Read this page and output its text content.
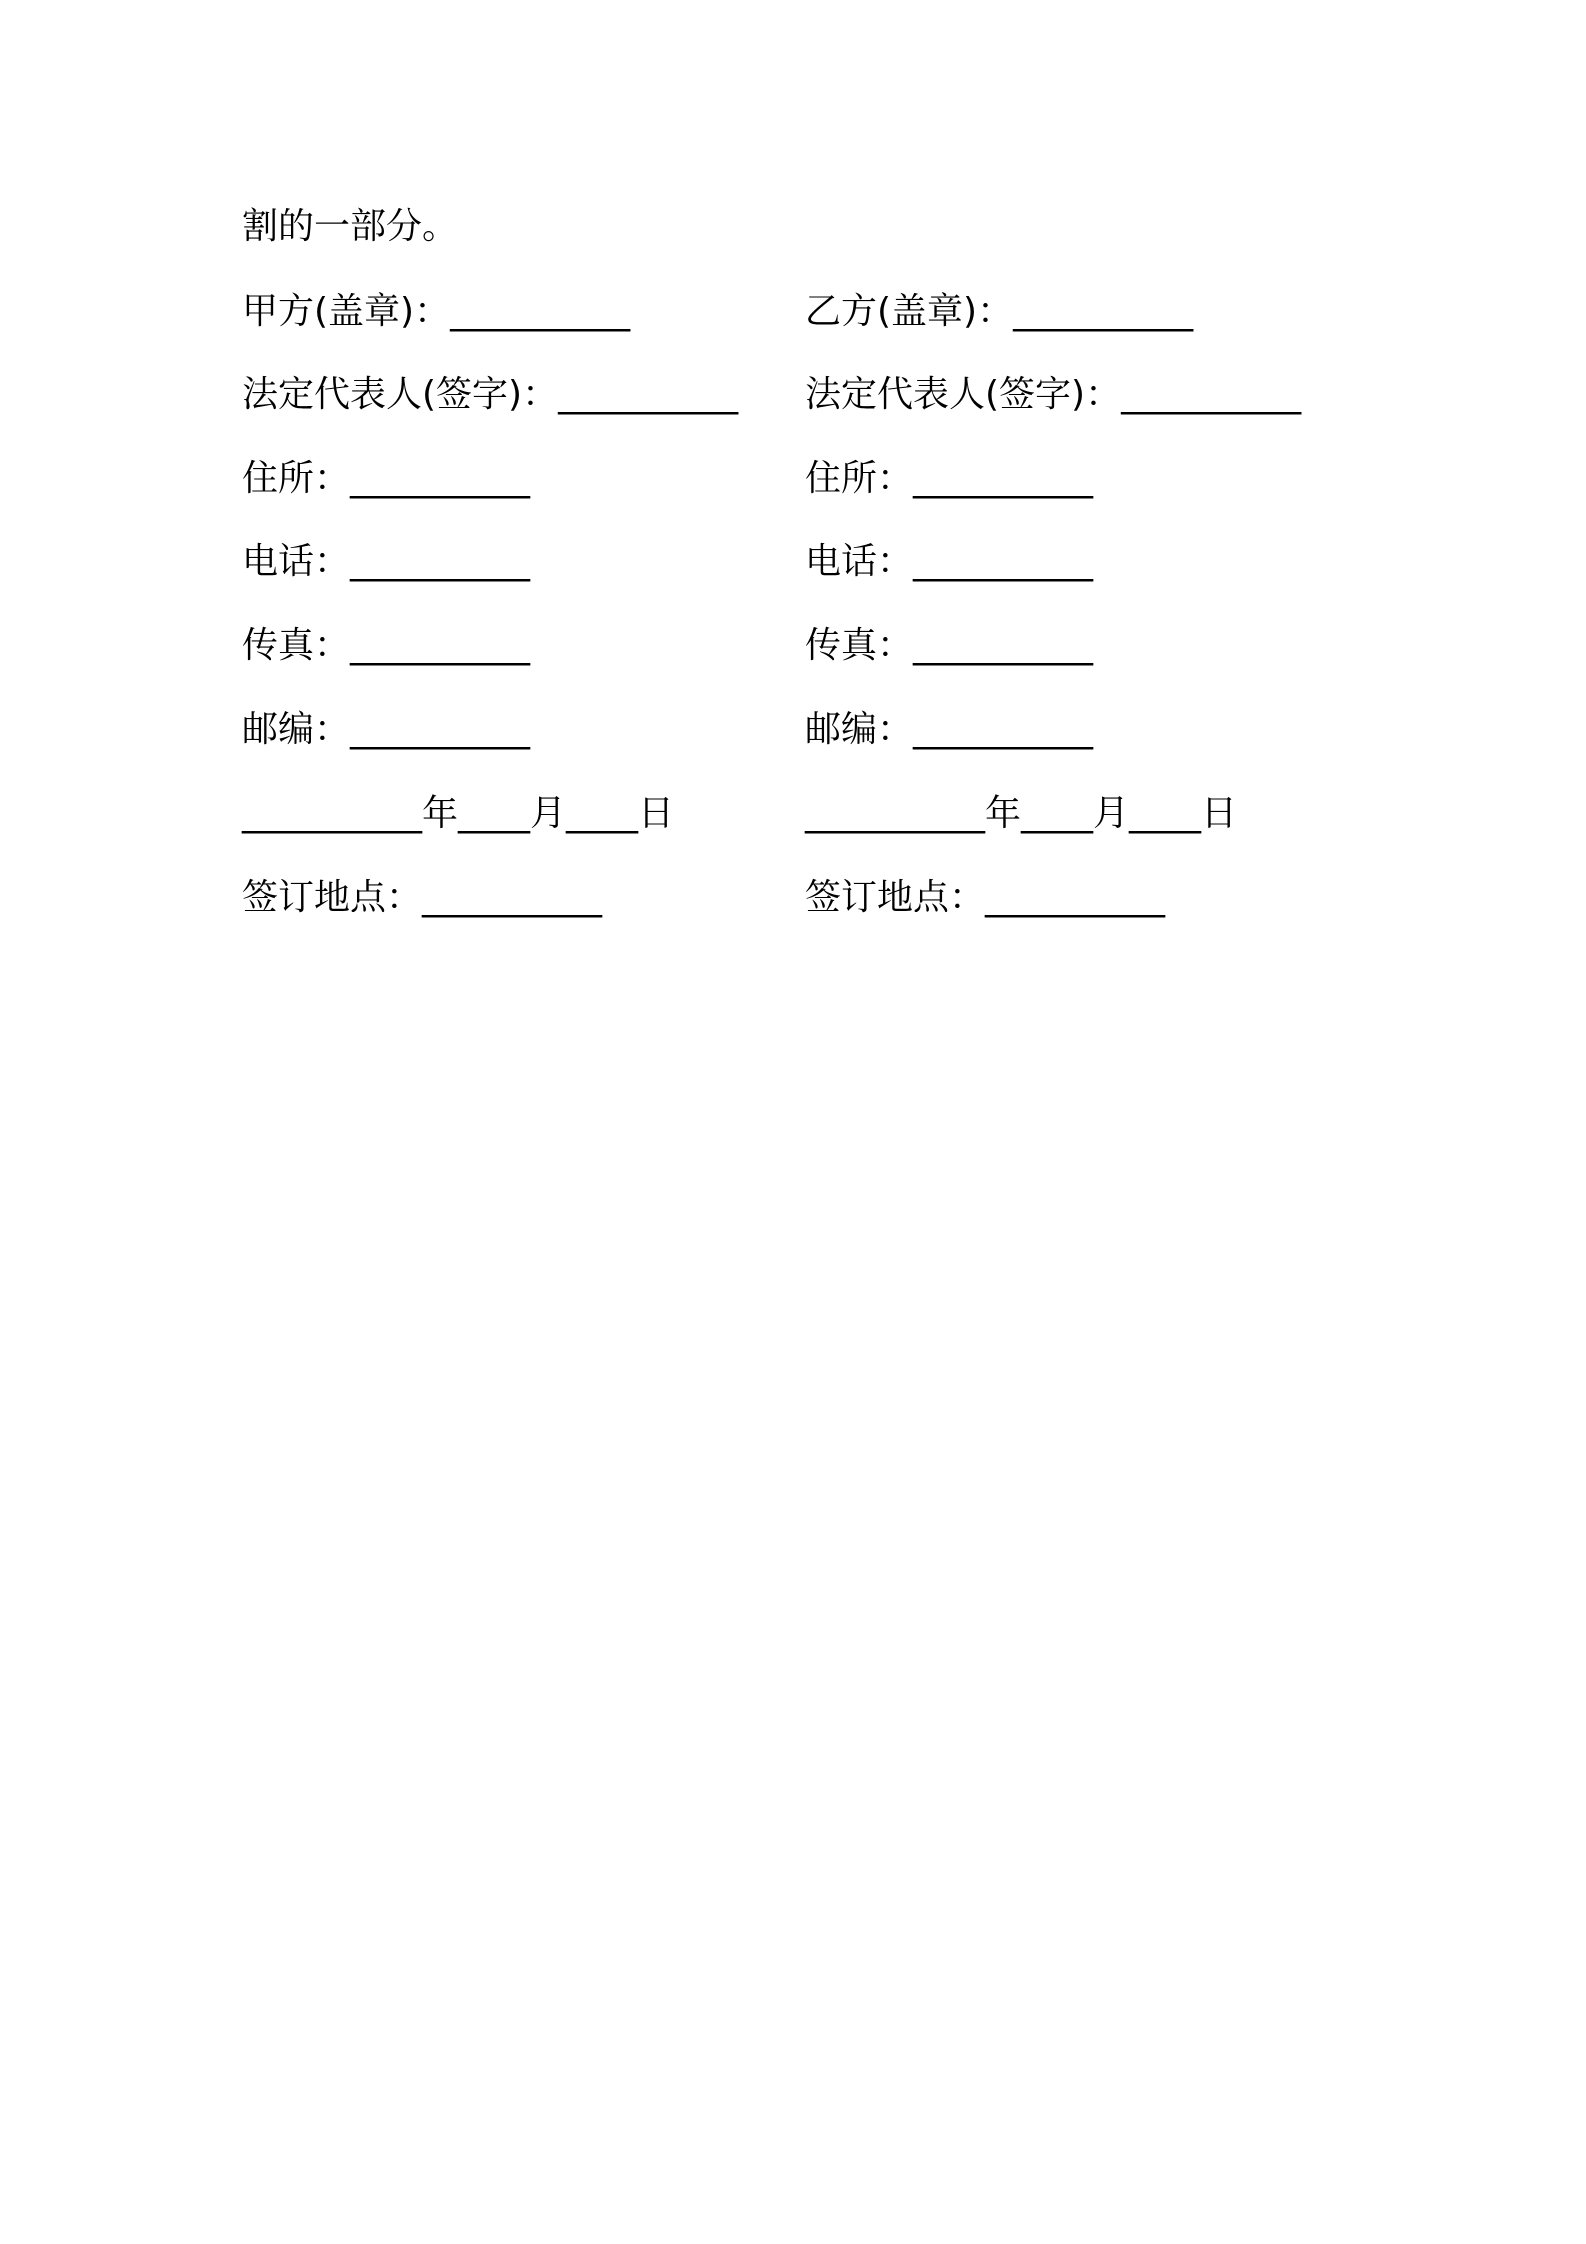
割的一部分。
甲方(盖章)：__________	乙方(盖章)：__________
法定代表人(签字)：__________ 法定代表人(签字)：__________
住所：__________	住所：__________
电话：__________	电话：__________
传真：__________	传真：__________
邮编：__________	邮编：__________
__________年____月____日	__________年____月____日
签订地点：__________	签订地点：__________
